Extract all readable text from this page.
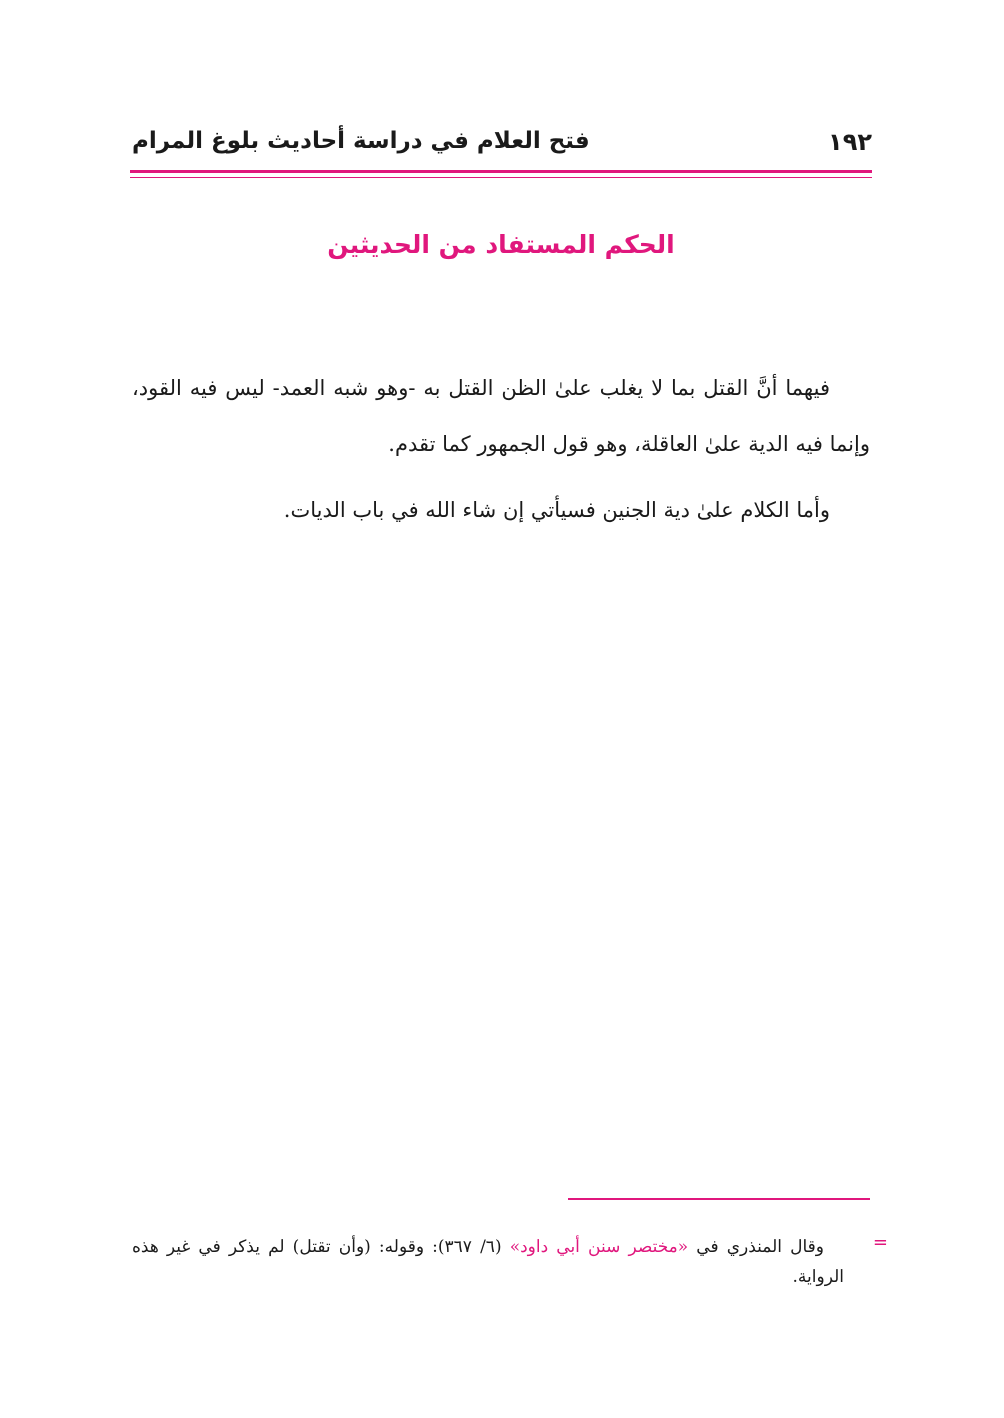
١٩٢
فتح العلام في دراسة أحاديث بلوغ المرام
الحكم المستفاد من الحديثين

فيهما أنَّ القتل بما لا يغلب علىٰ الظن القتل به -وهو شبه العمد- ليس فيه القود، وإنما فيه الدية علىٰ العاقلة، وهو قول الجمهور كما تقدم.

وأما الكلام علىٰ دية الجنين فسيأتي إن شاء الله في باب الديات.

=
وقال المنذري في «مختصر سنن أبي داود» (٦/ ٣٦٧): وقوله: (وأن تقتل) لم يذكر في غير هذه الرواية.
